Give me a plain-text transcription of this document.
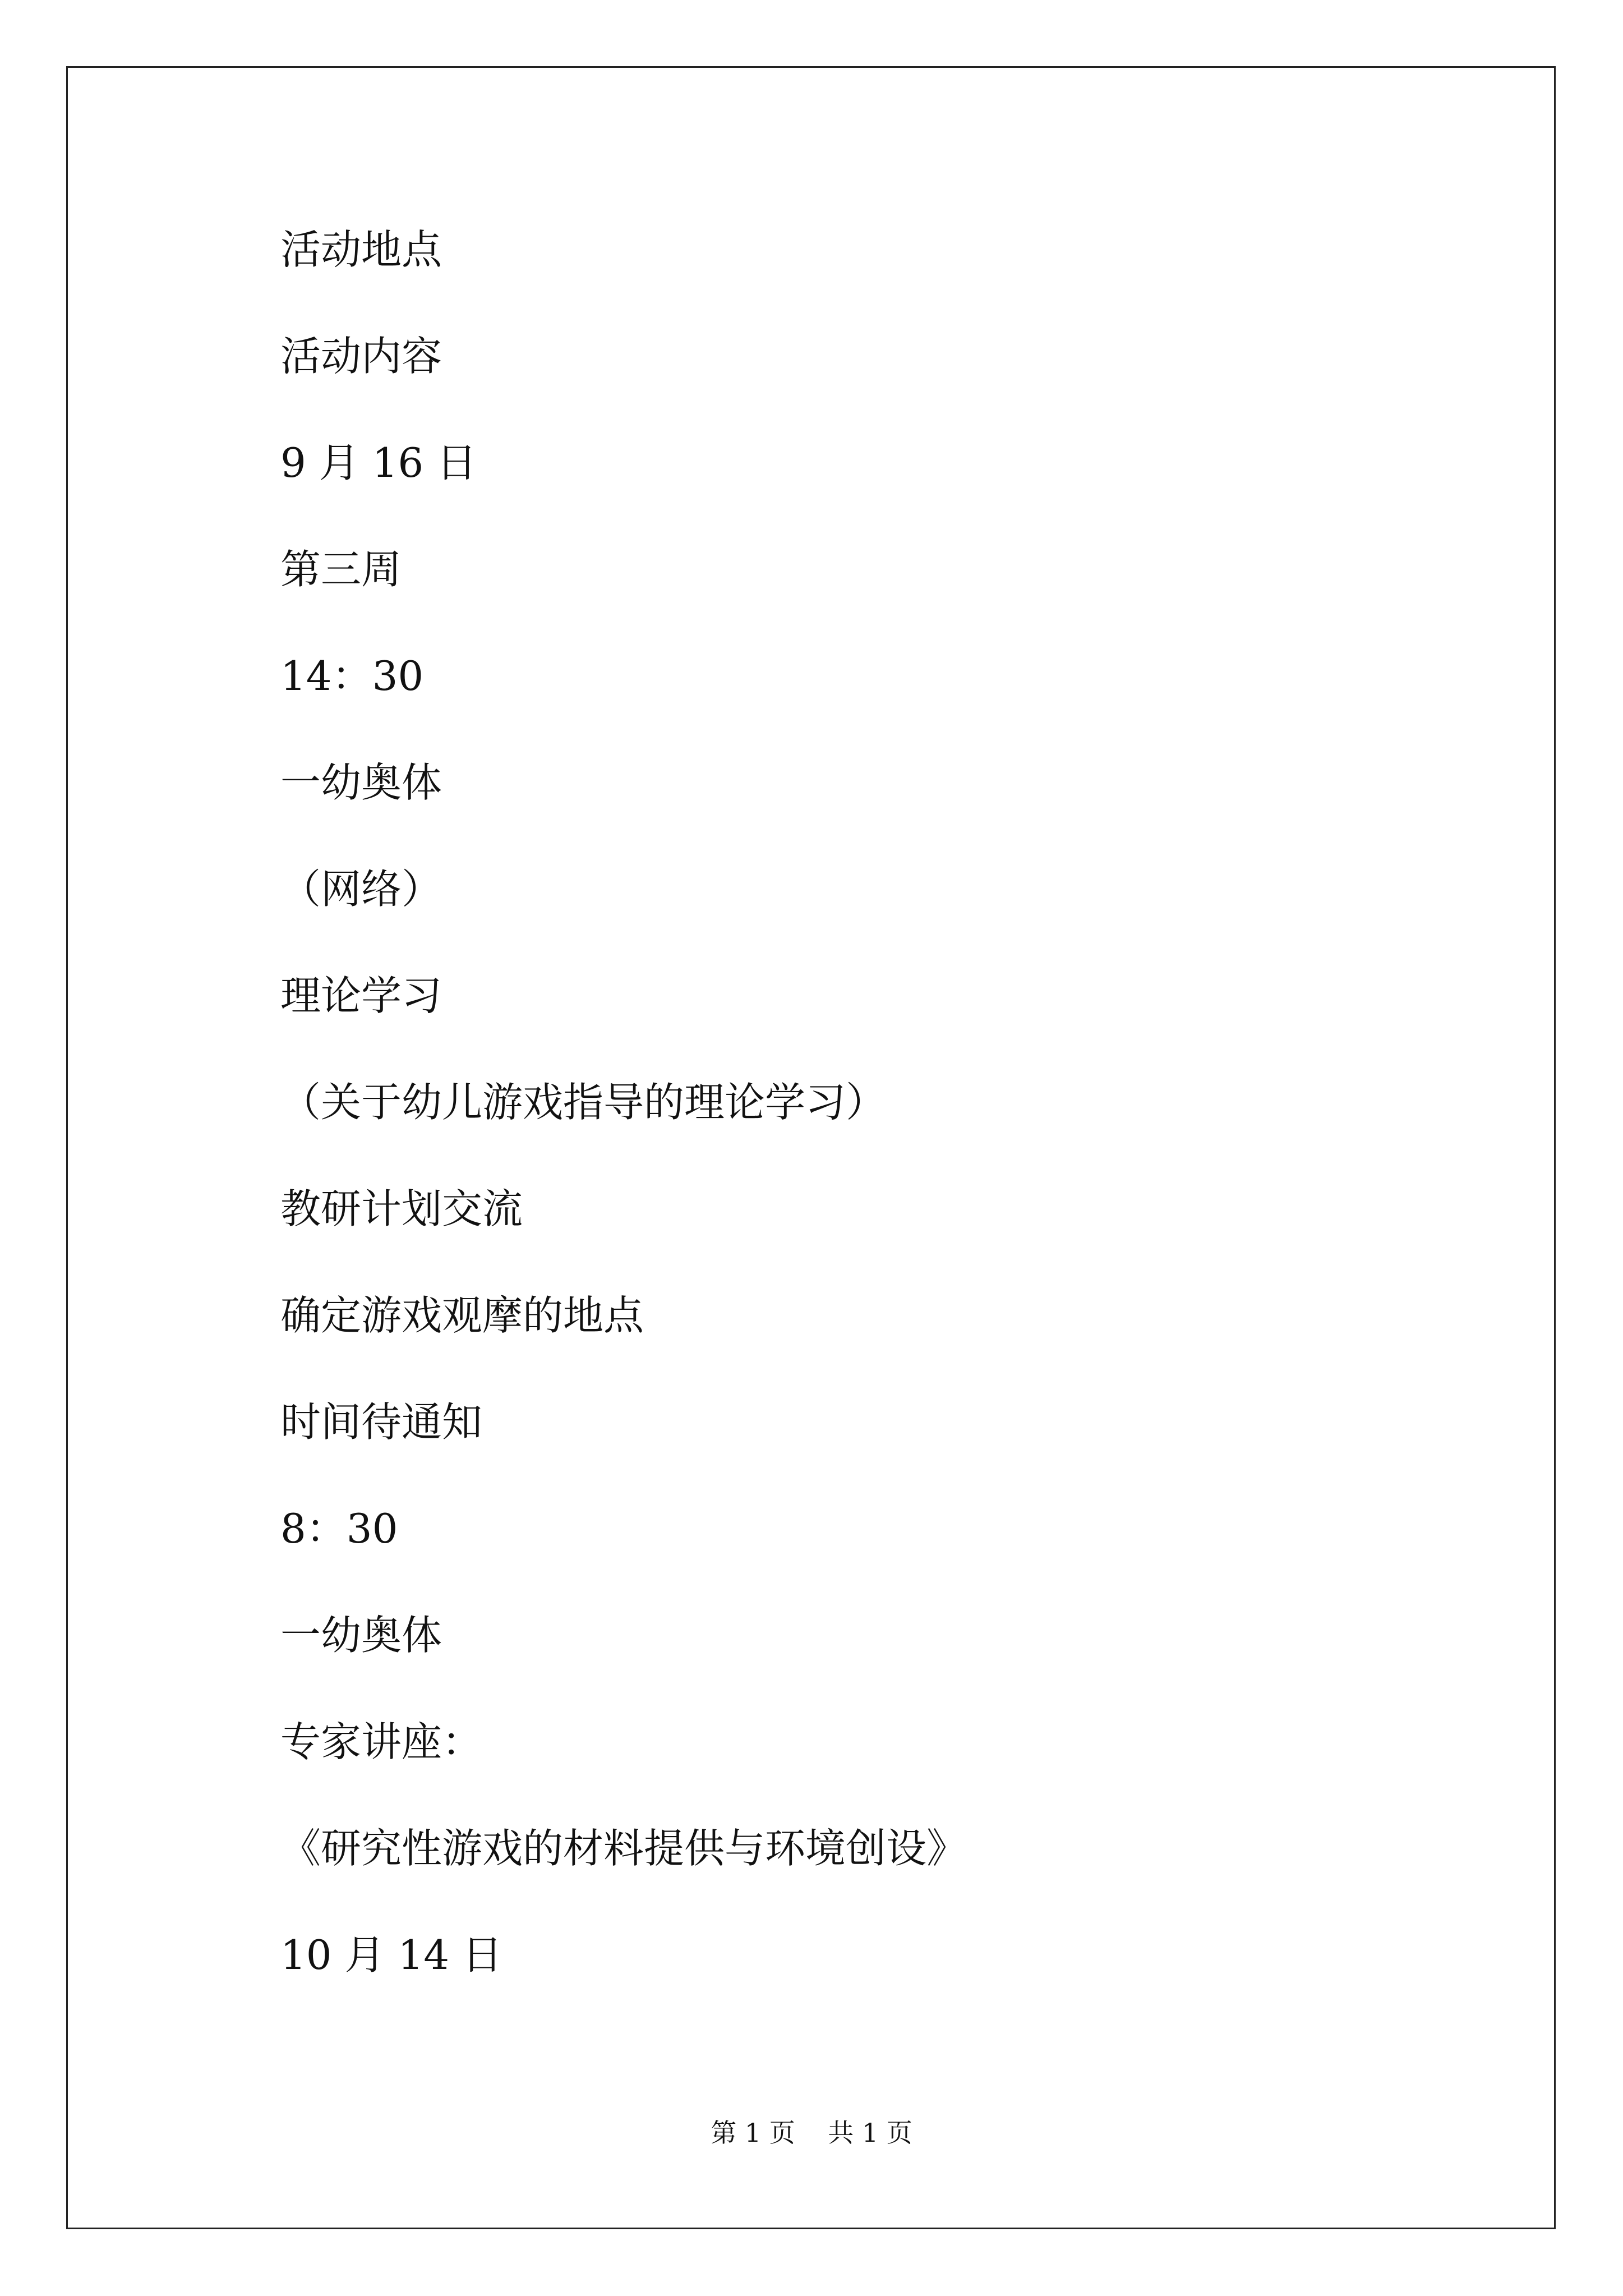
活动地点

活动内容

9 月 16 日

第三周

14：30

一幼奥体

（网络）

理论学习

（关于幼儿游戏指导的理论学习）

教研计划交流

确定游戏观摩的地点

时间待通知

8：30

一幼奥体

专家讲座：

《研究性游戏的材料提供与环境创设》

10 月 14 日

第 1 页    共 1 页
